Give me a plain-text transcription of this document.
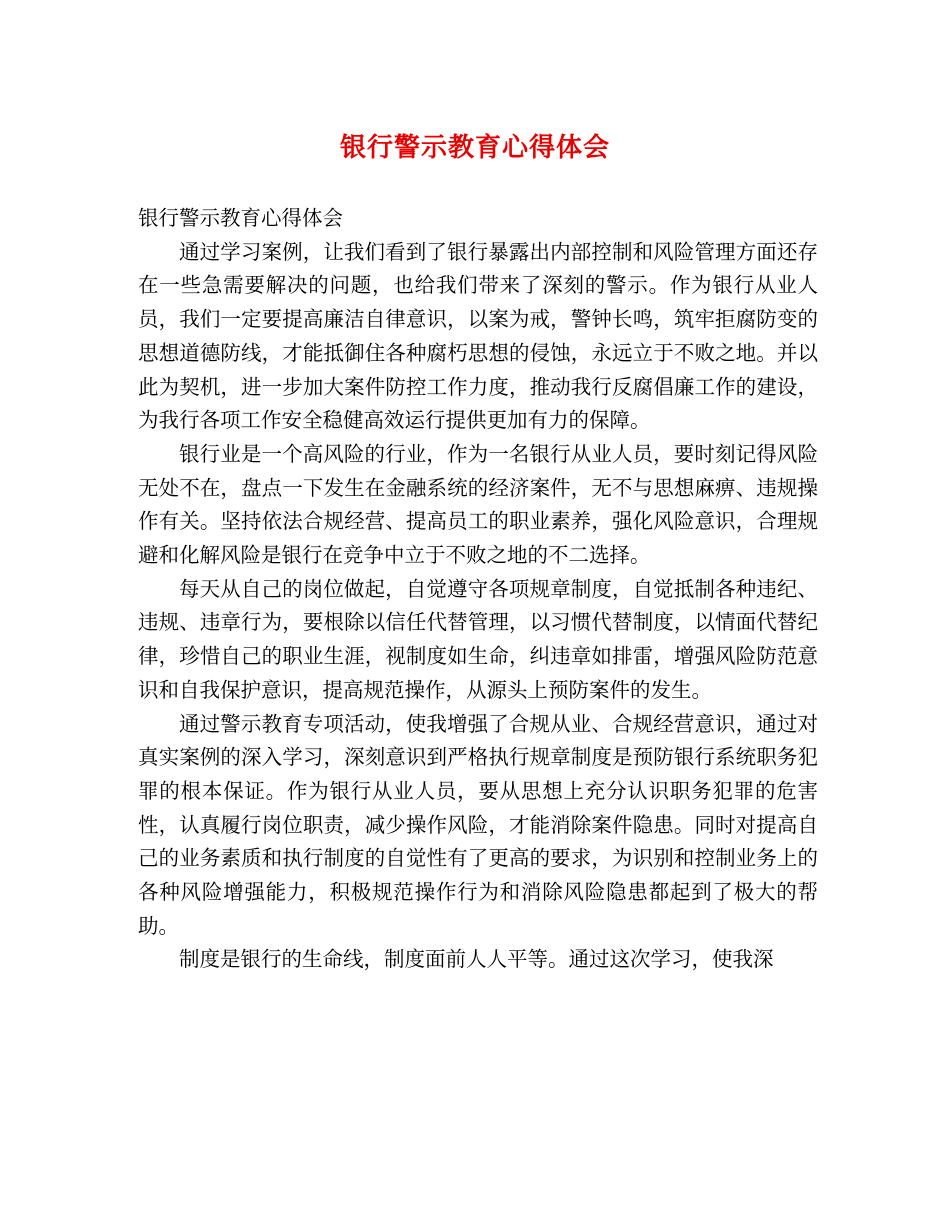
银行警示教育心得体会

银行警示教育心得体会

通过学习案例，让我们看到了银行暴露出内部控制和风险管理方面还存在一些急需要解决的问题，也给我们带来了深刻的警示。作为银行从业人员，我们一定要提高廉洁自律意识，以案为戒，警钟长鸣，筑牢拒腐防变的思想道德防线，才能抵御住各种腐朽思想的侵蚀，永远立于不败之地。并以此为契机，进一步加大案件防控工作力度，推动我行反腐倡廉工作的建设，为我行各项工作安全稳健高效运行提供更加有力的保障。

银行业是一个高风险的行业，作为一名银行从业人员，要时刻记得风险无处不在，盘点一下发生在金融系统的经济案件，无不与思想麻痹、违规操作有关。坚持依法合规经营、提高员工的职业素养，强化风险意识，合理规避和化解风险是银行在竞争中立于不败之地的不二选择。

每天从自己的岗位做起，自觉遵守各项规章制度，自觉抵制各种违纪、违规、违章行为，要根除以信任代替管理，以习惯代替制度，以情面代替纪律，珍惜自己的职业生涯，视制度如生命，纠违章如排雷，增强风险防范意识和自我保护意识，提高规范操作，从源头上预防案件的发生。

通过警示教育专项活动，使我增强了合规从业、合规经营意识，通过对真实案例的深入学习，深刻意识到严格执行规章制度是预防银行系统职务犯罪的根本保证。作为银行从业人员，要从思想上充分认识职务犯罪的危害性，认真履行岗位职责，减少操作风险，才能消除案件隐患。同时对提高自己的业务素质和执行制度的自觉性有了更高的要求，为识别和控制业务上的各种风险增强能力，积极规范操作行为和消除风险隐患都起到了极大的帮助。

制度是银行的生命线，制度面前人人平等。通过这次学习，使我深
